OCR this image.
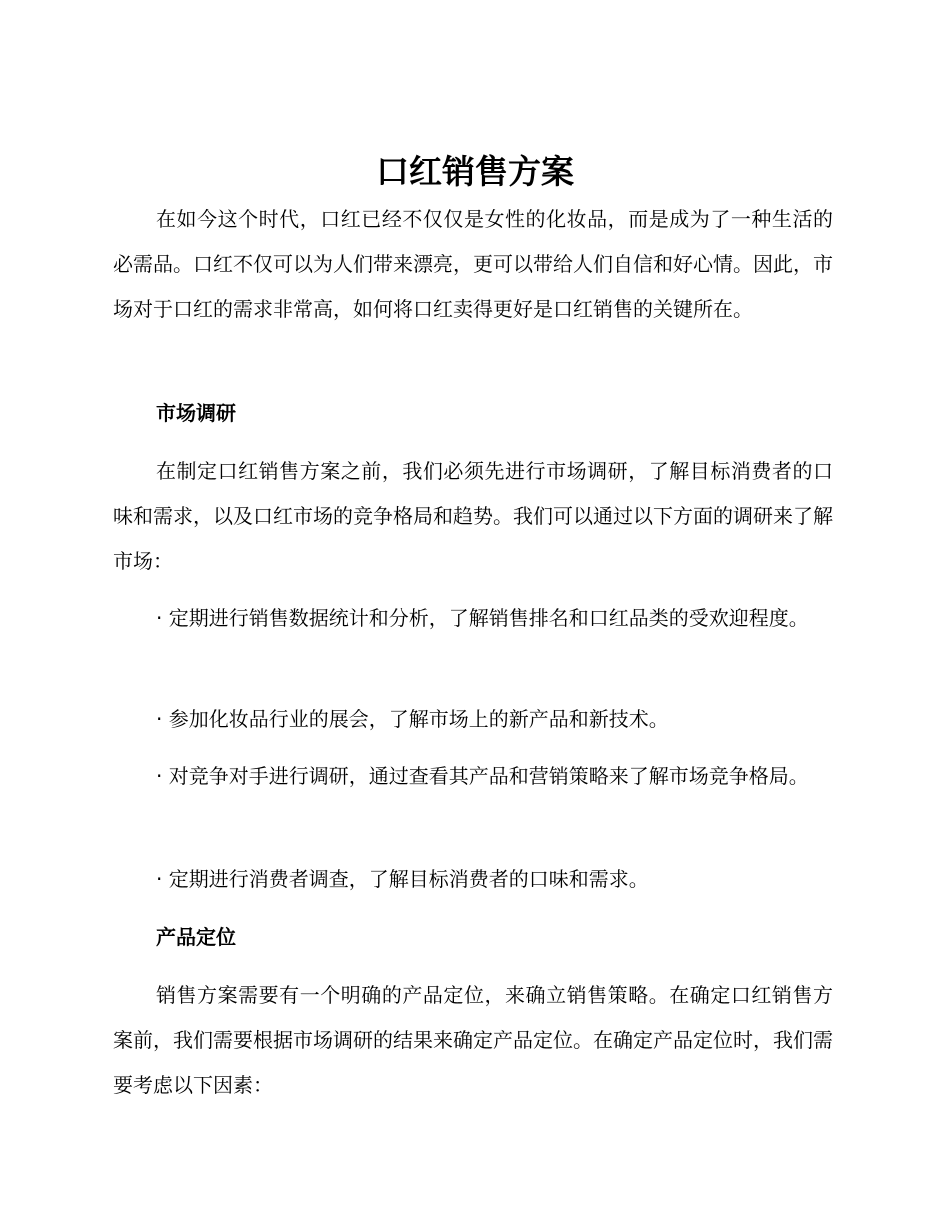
口红销售方案

在如今这个时代，口红已经不仅仅是女性的化妆品，而是成为了一种生活的必需品。口红不仅可以为人们带来漂亮，更可以带给人们自信和好心情。因此，市场对于口红的需求非常高，如何将口红卖得更好是口红销售的关键所在。

市场调研

在制定口红销售方案之前，我们必须先进行市场调研，了解目标消费者的口味和需求，以及口红市场的竞争格局和趋势。我们可以通过以下方面的调研来了解市场：

· 定期进行销售数据统计和分析，了解销售排名和口红品类的受欢迎程度。

· 参加化妆品行业的展会，了解市场上的新产品和新技术。

· 对竞争对手进行调研，通过查看其产品和营销策略来了解市场竞争格局。

· 定期进行消费者调查，了解目标消费者的口味和需求。

产品定位

销售方案需要有一个明确的产品定位，来确立销售策略。在确定口红销售方案前，我们需要根据市场调研的结果来确定产品定位。在确定产品定位时，我们需要考虑以下因素：
